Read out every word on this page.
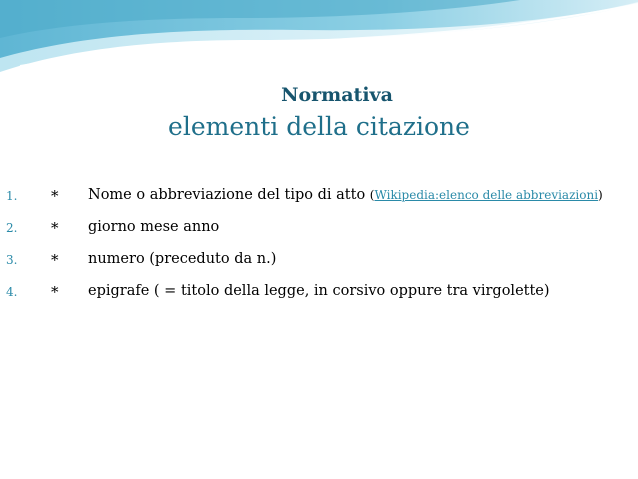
Normativa
elementi della citazione
1. * Nome o abbreviazione del tipo di atto (Wikipedia:elenco delle abbreviazioni)
2. * giorno mese anno
3. * numero (preceduto da n.)
4. * epigrafe ( = titolo della legge, in corsivo oppure tra virgolette)
